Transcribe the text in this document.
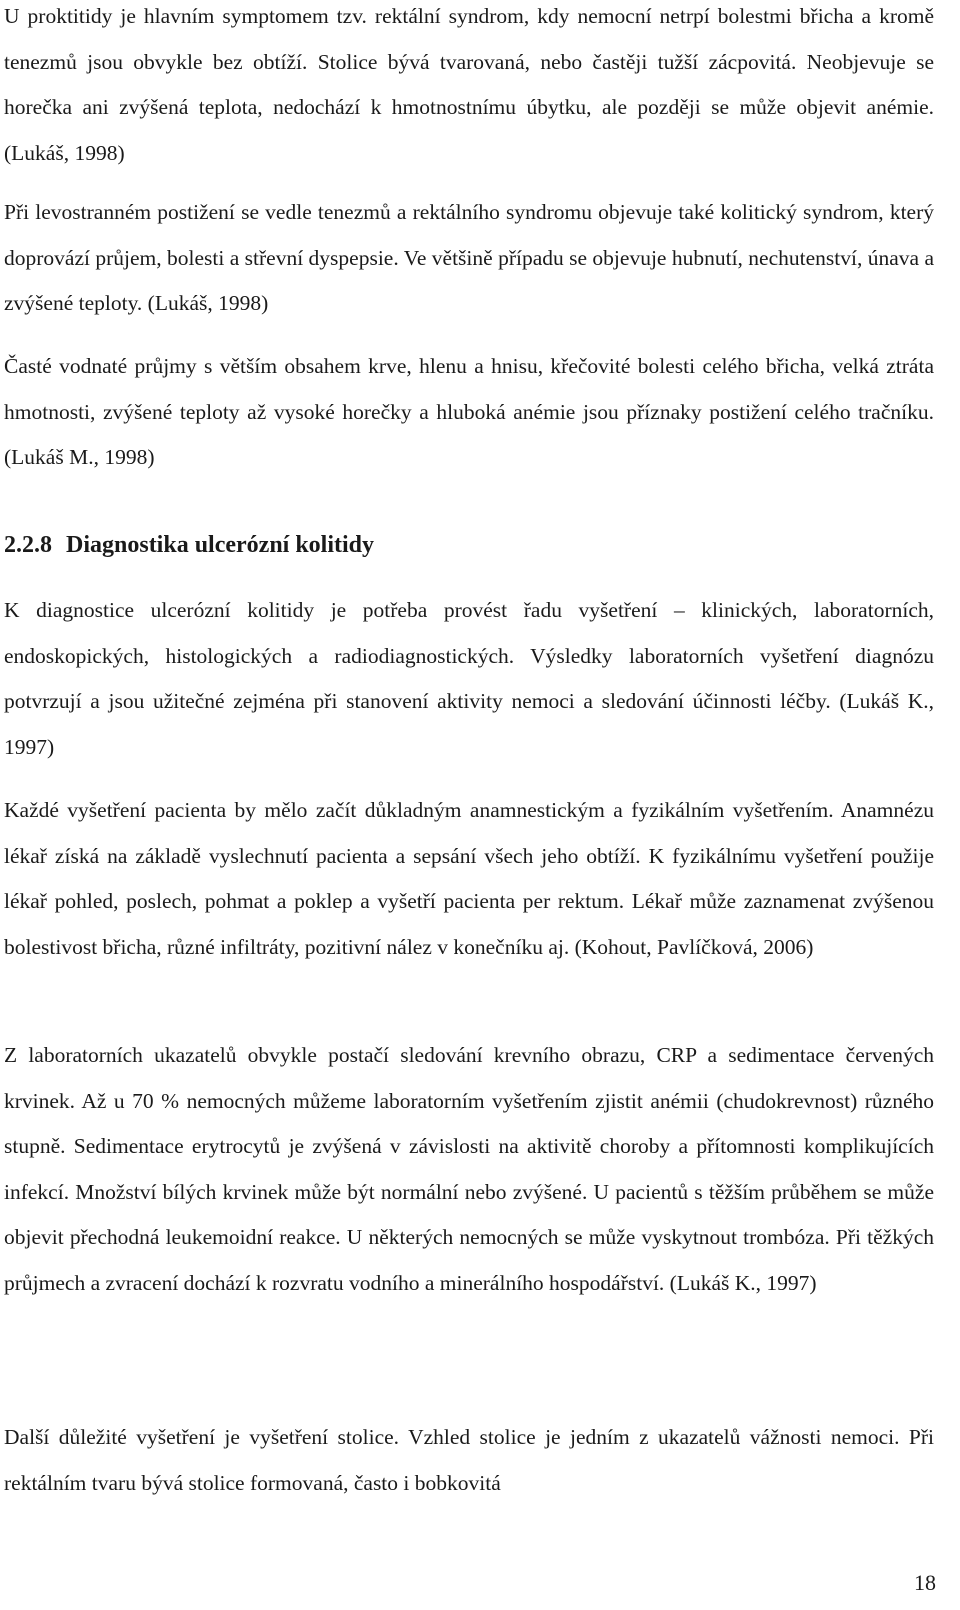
U proktitidy je hlavním symptomem tzv. rektální syndrom, kdy nemocní netrpí bolestmi břicha a kromě tenezmů jsou obvykle bez obtíží. Stolice bývá tvarovaná, nebo častěji tužší zácpovitá. Neobjevuje se horečka ani zvýšená teplota, nedochází k hmotnostnímu úbytku, ale později se může objevit anémie. (Lukáš, 1998)

Při levostranném postižení se vedle tenezmů a rektálního syndromu objevuje také kolitický syndrom, který doprovází průjem, bolesti a střevní dyspepsie. Ve většině případu se objevuje hubnutí, nechutenství, únava a zvýšené teploty. (Lukáš, 1998)

Časté vodnaté průjmy s větším obsahem krve, hlenu a hnisu, křečovité bolesti celého břicha, velká ztráta hmotnosti, zvýšené teploty až vysoké horečky a hluboká anémie jsou příznaky postižení celého tračníku. (Lukáš M., 1998)

2.2.8 Diagnostika ulcerózní kolitidy

K diagnostice ulcerózní kolitidy je potřeba provést řadu vyšetření – klinických, laboratorních, endoskopických, histologických a radiodiagnostických. Výsledky laboratorních vyšetření diagnózu potvrzují a jsou užitečné zejména při stanovení aktivity nemoci a sledování účinnosti léčby. (Lukáš K., 1997)

Každé vyšetření pacienta by mělo začít důkladným anamnestickým a fyzikálním vyšetřením. Anamnézu lékař získá na základě vyslechnutí pacienta a sepsání všech jeho obtíží. K fyzikálnímu vyšetření použije lékař pohled, poslech, pohmat a poklep a vyšetří pacienta per rektum. Lékař může zaznamenat zvýšenou bolestivost břicha, různé infiltráty, pozitivní nález v konečníku aj. (Kohout, Pavlíčková, 2006)

Z laboratorních ukazatelů obvykle postačí sledování krevního obrazu, CRP a sedimentace červených krvinek. Až u 70 % nemocných můžeme laboratorním vyšetřením zjistit anémii (chudokrevnost) různého stupně. Sedimentace erytrocytů je zvýšená v závislosti na aktivitě choroby a přítomnosti komplikujících infekcí. Množství bílých krvinek může být normální nebo zvýšené. U pacientů s těžším průběhem se může objevit přechodná leukemoidní reakce. U některých nemocných se může vyskytnout trombóza. Při těžkých průjmech a zvracení dochází k rozvratu vodního a minerálního hospodářství. (Lukáš K., 1997)

Další důležité vyšetření je vyšetření stolice. Vzhled stolice je jedním z ukazatelů vážnosti nemoci. Při rektálním tvaru bývá stolice formovaná, často i bobkovitá

18
